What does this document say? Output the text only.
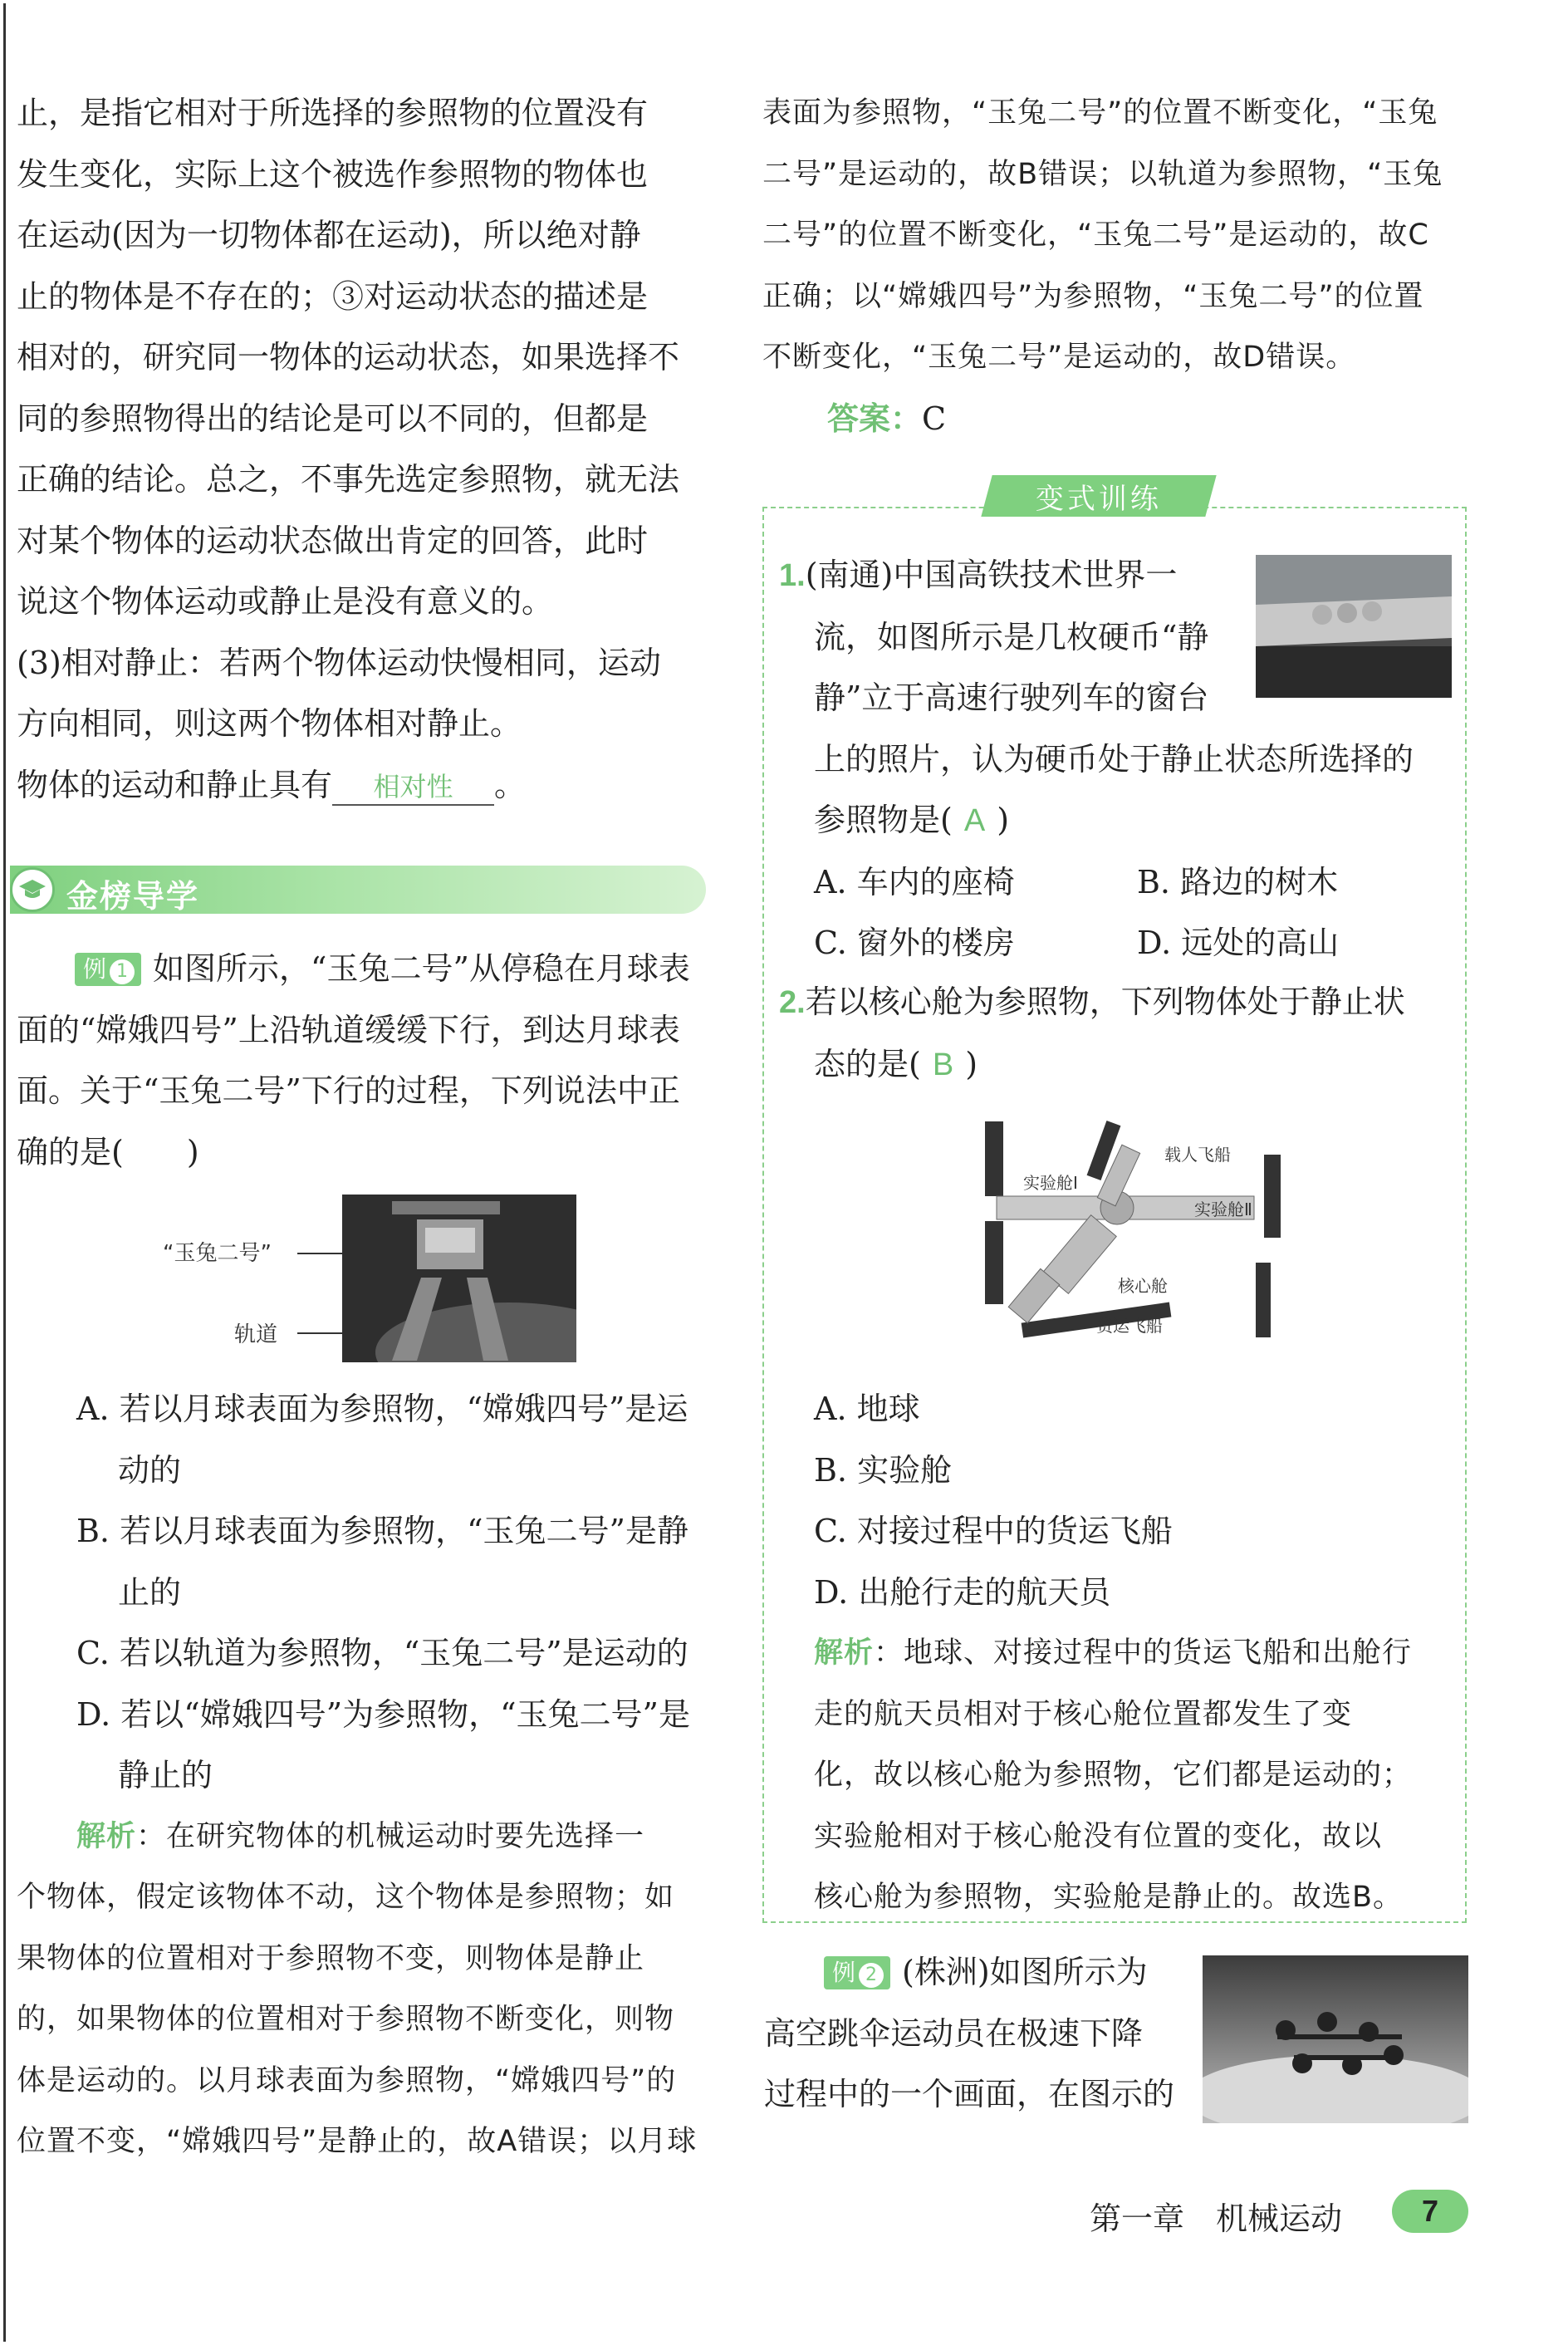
止，是指它相对于所选择的参照物的位置没有

发生变化，实际上这个被选作参照物的物体也

在运动(因为一切物体都在运动)，所以绝对静

止的物体是不存在的；③对运动状态的描述是

相对的，研究同一物体的运动状态，如果选择不

同的参照物得出的结论是可以不同的，但都是

正确的结论。总之，不事先选定参照物，就无法

对某个物体的运动状态做出肯定的回答，此时

说这个物体运动或静止是没有意义的。

(3)相对静止：若两个物体运动快慢相同，运动

方向相同，则这两个物体相对静止。

物体的运动和静止具有 相对性 。

金榜导学

例 1 如图所示，“玉兔二号”从停稳在月球表

面的“嫦娥四号”上沿轨道缓缓下行，到达月球表

面。关于“玉兔二号”下行的过程，下列说法中正

确的是(　　)

“玉兔二号”
轨道

A. 若以月球表面为参照物，“嫦娥四号”是运

动的

B. 若以月球表面为参照物，“玉兔二号”是静

止的

C. 若以轨道为参照物，“玉兔二号”是运动的

D. 若以“嫦娥四号”为参照物，“玉兔二号”是

静止的

解析：在研究物体的机械运动时要先选择一

个物体，假定该物体不动，这个物体是参照物；如

果物体的位置相对于参照物不变，则物体是静止

的，如果物体的位置相对于参照物不断变化，则物

体是运动的。以月球表面为参照物，“嫦娥四号”的

位置不变，“嫦娥四号”是静止的，故A错误；以月球

表面为参照物，“玉兔二号”的位置不断变化，“玉兔

二号”是运动的，故B错误；以轨道为参照物，“玉兔

二号”的位置不断变化，“玉兔二号”是运动的，故C

正确；以“嫦娥四号”为参照物，“玉兔二号”的位置

不断变化，“玉兔二号”是运动的，故D错误。

答案：C

变式训练

1.(南通)中国高铁技术世界一

流，如图所示是几枚硬币“静

静”立于高速行驶列车的窗台

上的照片，认为硬币处于静止状态所选择的

参照物是( A )

A. 车内的座椅	B. 路边的树木

C. 窗外的楼房	D. 远处的高山

2.若以核心舱为参照物，下列物体处于静止状

态的是( B )

载人飞船
实验舱Ⅰ
实验舱Ⅱ
核心舱
货运飞船

A. 地球

B. 实验舱

C. 对接过程中的货运飞船

D. 出舱行走的航天员

解析：地球、对接过程中的货运飞船和出舱行

走的航天员相对于核心舱位置都发生了变

化，故以核心舱为参照物，它们都是运动的；

实验舱相对于核心舱没有位置的变化，故以

核心舱为参照物，实验舱是静止的。故选B。

例 2 (株洲)如图所示为

高空跳伞运动员在极速下降

过程中的一个画面，在图示的

第一章　机械运动	7
